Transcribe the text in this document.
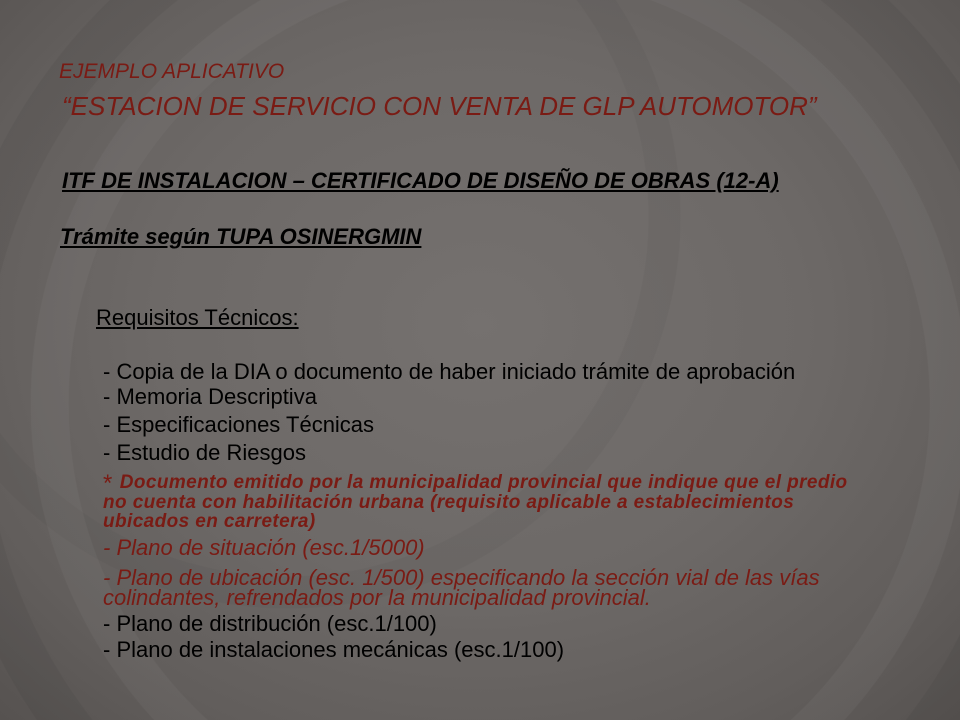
EJEMPLO APLICATIVO
“ESTACION DE SERVICIO CON VENTA DE GLP AUTOMOTOR”
ITF DE INSTALACION – CERTIFICADO DE DISEÑO DE OBRAS (12-A)
Trámite según TUPA OSINERGMIN
Requisitos Técnicos:
- Copia de la DIA o documento de haber iniciado trámite de aprobación
- Memoria Descriptiva
- Especificaciones Técnicas
- Estudio de Riesgos
* Documento emitido por la municipalidad provincial que indique que el predio
no cuenta con habilitación urbana (requisito aplicable a establecimientos
ubicados en carretera)
- Plano de situación (esc.1/5000)
- Plano de ubicación (esc. 1/500) especificando la sección vial de las vías
colindantes, refrendados por la municipalidad provincial.
- Plano de distribución (esc.1/100)
- Plano de instalaciones mecánicas (esc.1/100)
